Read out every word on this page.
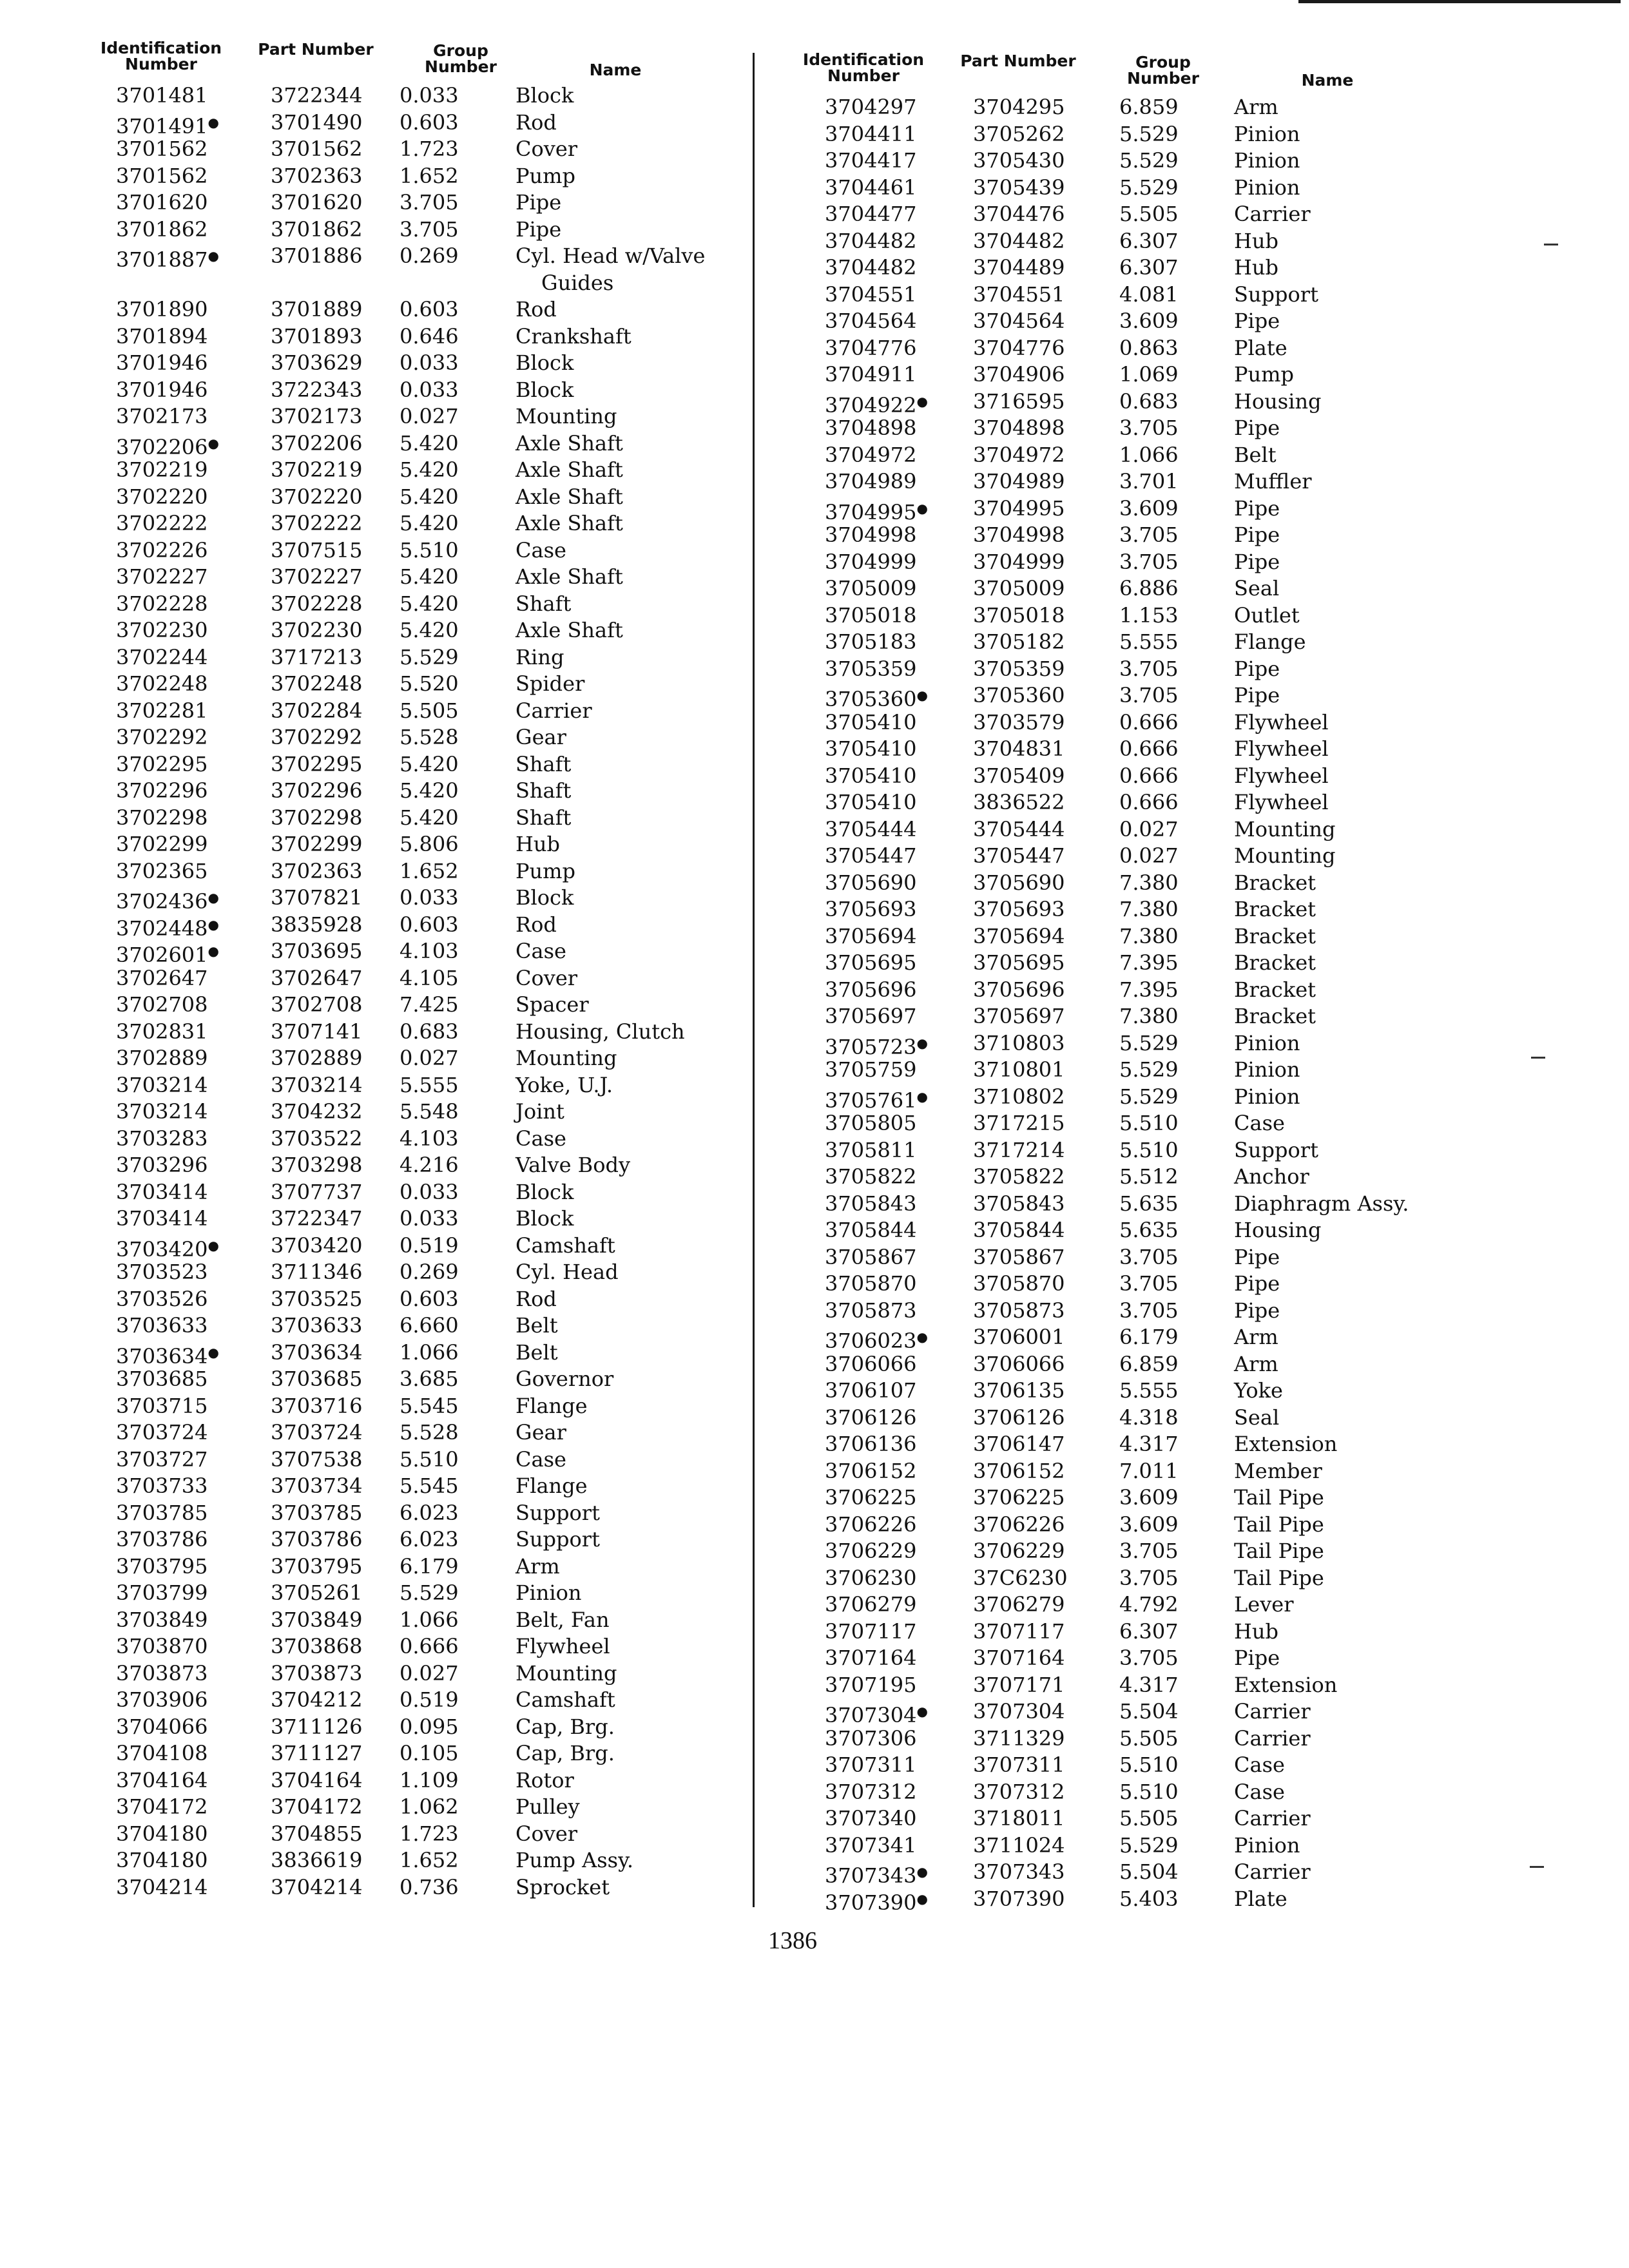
Identification Number
Part Number	Group Number	Name
3701481	3722344 0.033	Block
3701491●	3701490 0.603	Rod
3701562	3701562 1.723	Cover
3701562	3702363 1.652	Pump
3701620	3701620 3.705	Pipe
3701862	3701862 3.705	Pipe
3701887●	3701886 0.269	Cyl. Head w/Valve
Guides
3701890	3701889 0.603	Rod
3701894	3701893 0.646	Crankshaft
3701946	3703629 0.033	Block
3701946	3722343 0.033	Block
3702173	3702173 0.027	Mounting
3702206●	3702206 5.420	Axle Shaft
3702219	3702219 5.420	Axle Shaft
3702220	3702220 5.420	Axle Shaft
3702222	3702222 5.420	Axle Shaft
3702226	3707515 5.510	Case
3702227	3702227 5.420	Axle Shaft
3702228	3702228 5.420	Shaft
3702230	3702230 5.420	Axle Shaft
3702244	3717213 5.529	Ring
3702248	3702248 5.520	Spider
3702281	3702284 5.505	Carrier
3702292	3702292 5.528	Gear
3702295	3702295 5.420	Shaft
3702296	3702296 5.420	Shaft
3702298	3702298 5.420	Shaft
3702299	3702299 5.806	Hub
3702365	3702363 1.652	Pump
3702436●	3707821 0.033	Block
3702448●	3835928 0.603	Rod
3702601●	3703695 4.103	Case
3702647	3702647 4.105	Cover
3702708	3702708 7.425	Spacer
3702831	3707141 0.683	Housing, Clutch
3702889	3702889 0.027	Mounting
3703214	3703214 5.555	Yoke, U.J.
3703214	3704232 5.548	Joint
3703283	3703522 4.103	Case
3703296	3703298 4.216	Valve Body
3703414	3707737 0.033	Block
3703414	3722347 0.033	Block
3703420●	3703420 0.519	Camshaft
3703523	3711346 0.269	Cyl. Head
3703526	3703525 0.603	Rod
3703633	3703633 6.660	Belt
3703634●	3703634 1.066	Belt
3703685	3703685 3.685	Governor
3703715	3703716 5.545	Flange
3703724	3703724 5.528	Gear
3703727	3707538 5.510	Case
3703733	3703734 5.545	Flange
3703785	3703785 6.023	Support
3703786	3703786 6.023	Support
3703795	3703795 6.179	Arm
3703799	3705261 5.529	Pinion
3703849	3703849 1.066	Belt, Fan
3703870	3703868 0.666	Flywheel
3703873	3703873 0.027	Mounting
3703906	3704212 0.519	Camshaft
3704066	3711126 0.095	Cap, Brg.
3704108	3711127 0.105	Cap, Brg.
3704164	3704164 1.109	Rotor
3704172	3704172 1.062	Pulley
3704180	3704855 1.723	Cover
3704180	3836619 1.652	Pump Assy.
3704214	3704214 0.736	Sprocket
Identification Number
Part Number	Group Number	Name
3704297	3704295	6.859	Arm
3704411	3705262	5.529	Pinion
3704417	3705430	5.529	Pinion
3704461	3705439	5.529	Pinion
3704477	3704476	5.505	Carrier
3704482	3704482	6.307	Hub
3704482	3704489	6.307	Hub
3704551	3704551	4.081	Support
3704564	3704564	3.609	Pipe
3704776	3704776	0.863	Plate
3704911	3704906	1.069	Pump
3704922● 3716595	0.683	Housing
3704898	3704898	3.705	Pipe
3704972	3704972	1.066	Belt
3704989	3704989	3.701	Muffler
3704995● 3704995	3.609	Pipe
3704998	3704998	3.705	Pipe
3704999	3704999	3.705	Pipe
3705009	3705009	6.886	Seal
3705018	3705018	1.153	Outlet
3705183	3705182	5.555	Flange
3705359	3705359	3.705	Pipe
3705360● 3705360	3.705	Pipe
3705410	3703579	0.666	Flywheel
3705410	3704831	0.666	Flywheel
3705410	3705409	0.666	Flywheel
3705410	3836522	0.666	Flywheel
3705444	3705444	0.027	Mounting
3705447	3705447	0.027	Mounting
3705690	3705690	7.380	Bracket
3705693	3705693	7.380	Bracket
3705694	3705694	7.380	Bracket
3705695	3705695	7.395	Bracket
3705696	3705696	7.395	Bracket
3705697	3705697	7.380	Bracket
3705723● 3710803	5.529	Pinion
3705759	3710801	5.529	Pinion
3705761● 3710802	5.529	Pinion
3705805	3717215	5.510	Case
3705811	3717214	5.510	Support
3705822	3705822	5.512	Anchor
3705843	3705843	5.635	Diaphragm Assy.
3705844	3705844	5.635	Housing
3705867	3705867	3.705	Pipe
3705870	3705870	3.705	Pipe
3705873	3705873	3.705	Pipe
3706023● 3706001	6.179	Arm
3706066	3706066	6.859	Arm
3706107	3706135	5.555	Yoke
3706126	3706126	4.318	Seal
3706136	3706147	4.317	Extension
3706152	3706152	7.011	Member
3706225	3706225	3.609	Tail Pipe
3706226	3706226	3.609	Tail Pipe
3706229	3706229	3.705	Tail Pipe
3706230	37C6230	3.705	Tail Pipe
3706279	3706279	4.792	Lever
3707117	3707117	6.307	Hub
3707164	3707164	3.705	Pipe
3707195	3707171	4.317	Extension
3707304● 3707304	5.504	Carrier
3707306	3711329	5.505	Carrier
3707311	3707311	5.510	Case
3707312	3707312	5.510	Case
3707340	3718011	5.505	Carrier
3707341	3711024	5.529	Pinion
3707343● 3707343	5.504	Carrier
3707390● 3707390	5.403	Plate
1386
